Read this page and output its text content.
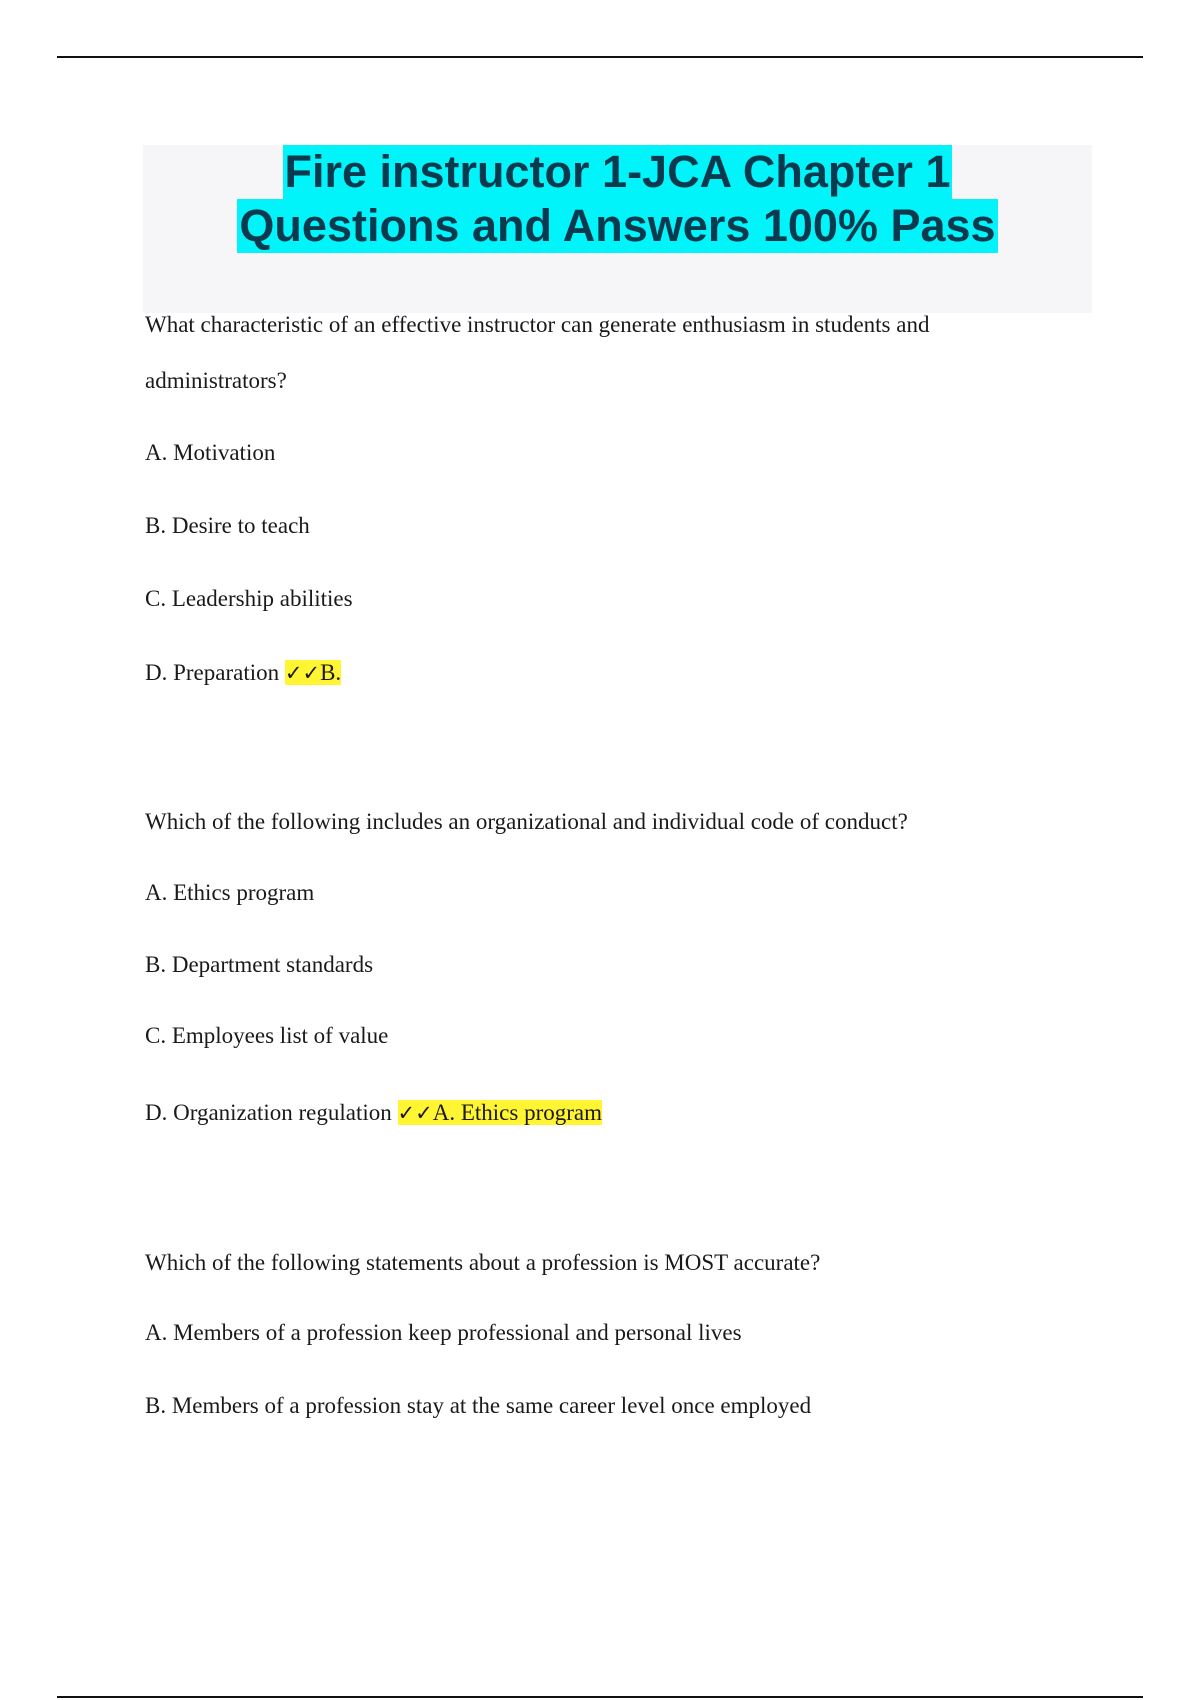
Fire instructor 1-JCA Chapter 1
Questions and Answers 100% Pass
What characteristic of an effective instructor can generate enthusiasm in students and
administrators?
A. Motivation
B. Desire to teach
C. Leadership abilities
D. Preparation ✓✓B.
Which of the following includes an organizational and individual code of conduct?
A. Ethics program
B. Department standards
C. Employees list of value
D. Organization regulation ✓✓A. Ethics program
Which of the following statements about a profession is MOST accurate?
A. Members of a profession keep professional and personal lives
B. Members of a profession stay at the same career level once employed
